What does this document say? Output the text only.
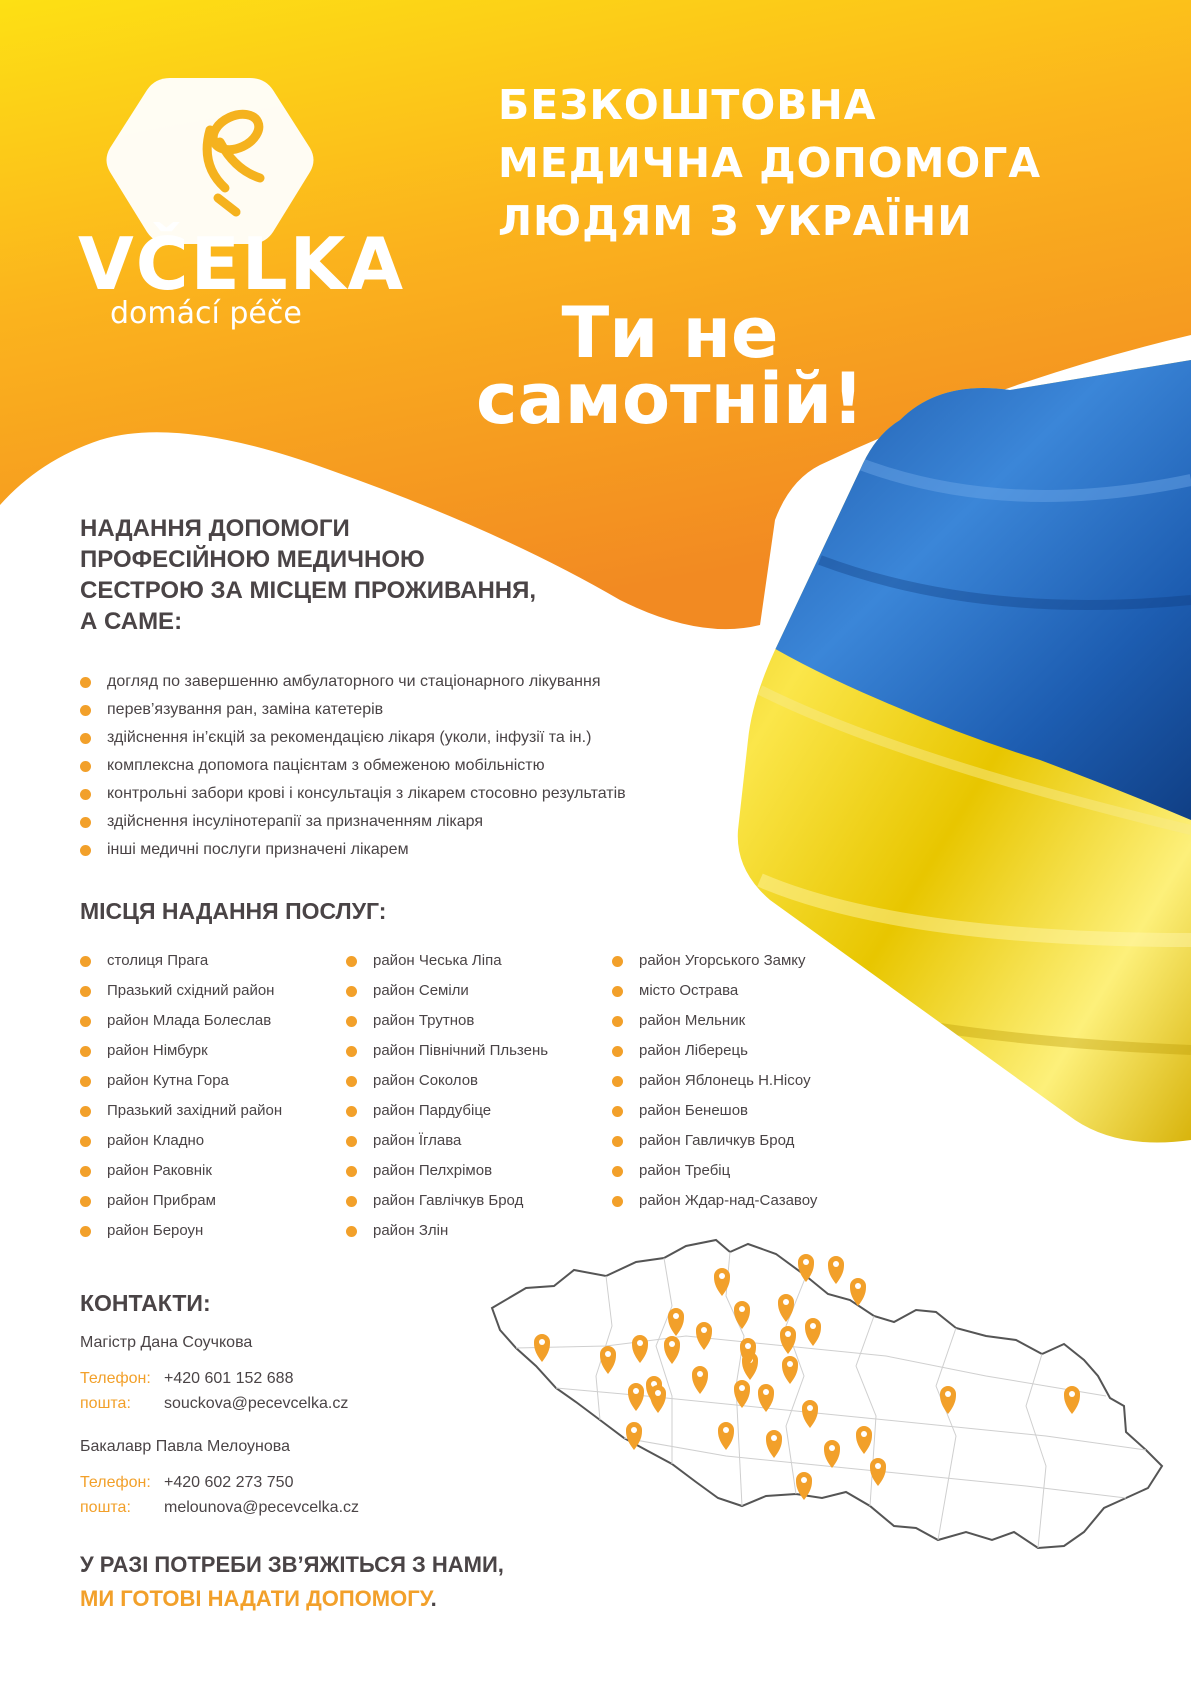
VČELKA
domácí péče
БЕЗКОШТОВНА
МЕДИЧНА ДОПОМОГА
ЛЮДЯМ З УКРАЇНИ
Ти не
самотній!
НАДАННЯ ДОПОМОГИ
ПРОФЕСІЙНОЮ МЕДИЧНОЮ
СЕСТРОЮ ЗА МІСЦЕМ ПРОЖИВАННЯ,
А САМЕ:
догляд по завершенню амбулаторного чи стаціонарного лікування
перев’язування ран, заміна катетерів
здійснення ін’єкцій за рекомендацією лікаря (уколи, інфузії та ін.)
комплексна допомога пацієнтам з обмеженою мобільністю
контрольні забори крові і консультація з лікарем стосовно результатів
здійснення інсулінотерапії за призначенням лікаря
інші медичні послуги призначені лікарем
МІСЦЯ НАДАННЯ ПОСЛУГ:
столиця Прага
Празький східний район
район Млада Болеслав
район Німбурк
район Кутна Гора
Празький західний район
район Кладно
район Раковнік
район Прибрам
район Бероун
район Чеська Ліпа
район Семіли
район Трутнов
район Північний Пльзень
район Соколов
район Пардубіце
район Їглава
район Пелхрімов
район Гавлічкув Брод
район Злін
район Угорського Замку
місто Острава
район Мельник
район Ліберець
район Яблонець Н.Нісоу
район Бенешов
район Гавличкув Брод
район Требіц
район Ждар-над-Сазавоу
КОНТАКТИ:
Магістр Дана Соучкова
Телефон: +420 601 152 688
пошта: souckova@pecevcelka.cz
Бакалавр Павла Мелоунова
Телефон: +420 602 273 750
пошта: melounova@pecevcelka.cz
У РАЗІ ПОТРЕБИ ЗВ’ЯЖІТЬСЯ З НАМИ,
МИ ГОТОВІ НАДАТИ ДОПОМОГУ.
